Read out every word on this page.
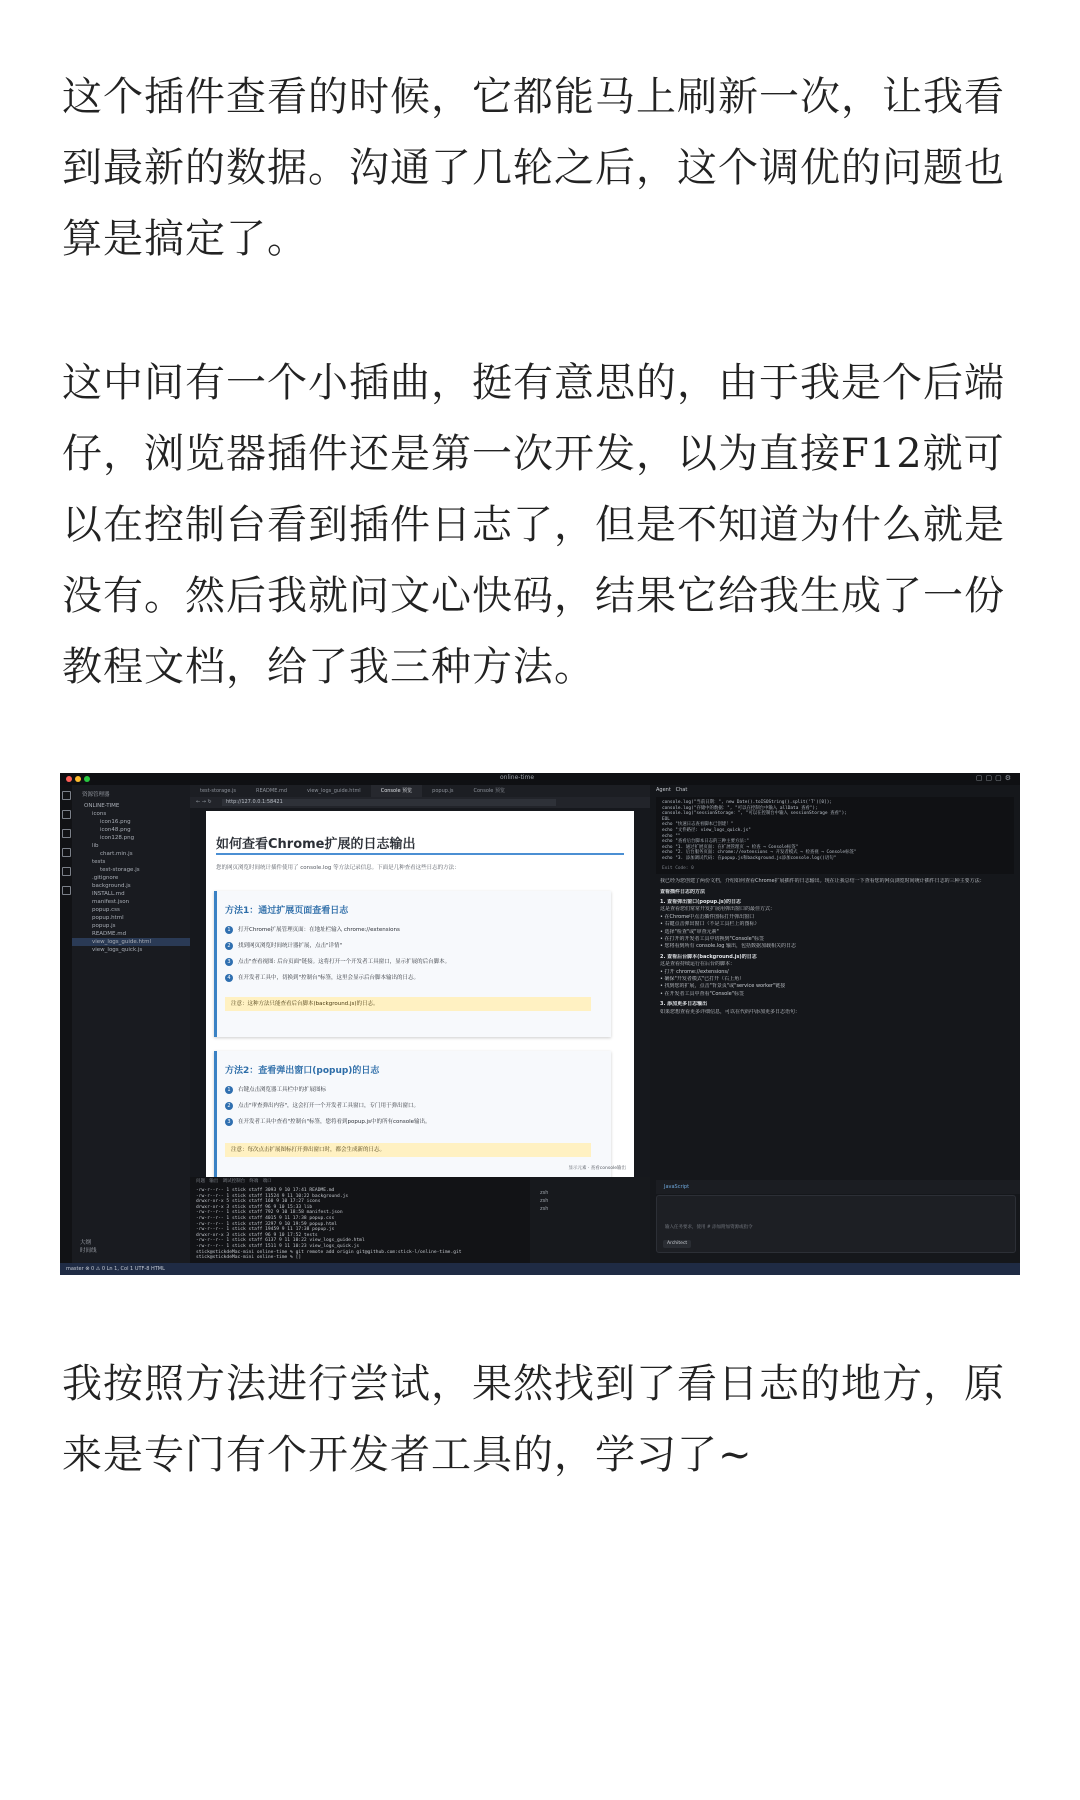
这个插件查看的时候，它都能马上刷新一次，让我看
到最新的数据。沟通了几轮之后，这个调优的问题也
算是搞定了。
这中间有一个小插曲，挺有意思的，由于我是个后端
仔，浏览器插件还是第一次开发，以为直接F12就可
以在控制台看到插件日志了，但是不知道为什么就是
没有。然后我就问文心快码，结果它给我生成了一份
教程文档，给了我三种方法。
online-time	▢▢▢⚙
资源管理器
ONLINE-TIME
icons
icon16.png
icon48.png
icon128.png
lib
chart.min.js
tests
test-storage.js
.gitignore
background.js
INSTALL.md
manifest.json
popup.css
popup.html
popup.js
README.md
view_logs_guide.html
view_logs_quick.js
大纲
时间线
test-storage.js	README.md	view_logs_guide.html	Console 预览	popup.js	Console 预览
← → ↻	http://127.0.0.1:58421
如何查看Chrome扩展的日志输出
您的网页浏览时间统计插件使用了 console.log 等方法记录信息。下面是几种查看这些日志的方法：
方法1：通过扩展页面查看日志
1 打开Chrome扩展管理页面：在地址栏输入 chrome://extensions
2 找到网页浏览时间统计器扩展，点击"详情"
3 点击"查看视图: 后台页面"链接。这将打开一个开发者工具窗口，显示扩展的后台脚本。
4 在开发者工具中，切换到"控制台"标签，这里会显示后台脚本输出的日志。
注意：这种方法只能查看后台脚本(background.js)的日志。
方法2：查看弹出窗口(popup)的日志
1 右键点击浏览器工具栏中的扩展图标
2 点击"审查弹出内容"，这会打开一个开发者工具窗口，专门用于弹出窗口。
3 在开发者工具中查看"控制台"标签，您将看到popup.js中的所有console输出。
注意：每次点击扩展图标打开弹出窗口时，都会生成新的日志。
显示元素 · 查看console输出
问题 输出 调试控制台 终端 端口
-rw-r--r-- 1 stick staff 3093 9 10 17:41 README.md
-rw-r--r-- 1 stick staff 11524 9 11 10:22 background.js
drwxr-xr-x 5 stick staff 160 9 10 17:27 icons
drwxr-xr-x 3 stick staff 96 9 10 15:33 lib
-rw-r--r-- 1 stick staff 792 9 10 18:58 manifest.json
-rw-r--r-- 1 stick staff 4015 9 11 17:38 popup.css
-rw-r--r-- 1 stick staff 3297 9 10 19:59 popup.html
-rw-r--r-- 1 stick staff 19459 9 11 17:38 popup.js
drwxr-xr-x 3 stick staff 96 9 10 17:52 tests
-rw-r--r-- 1 stick staff 6137 9 11 10:22 view_logs_guide.html
-rw-r--r-- 1 stick staff 1511 9 11 10:23 view_logs_quick.js
stick@stickdeMac-mini online-time % git remote add origin git@github.com:stick-l/online-time.git
stick@stickdeMac-mini online-time % []
zsh
zsh
zsh
Agent Chat
console.log("当前日期：", new Date().toISOString().split('T')[0]);
console.log("存储中的数据：", "可以在控制台中输入 allData 查看");
console.log("sessionStorage：", "可以在控制台中输入 sessionStorage 查看");
EOL
echo "快速日志查看脚本已创建！"
echo "文件路径: view_logs_quick.js"
echo ""
echo "查看后台脚本日志的三种主要方法:"
echo "1. 通过扩展页面: 在扩展管理页 → 检查 → Console标签"
echo "2. 后台服务页面: chrome://extensions → 开发者模式 → 检查视 → Console标签"
echo "3. 添加调试代码: 在popup.js和background.js添加console.log()语句"
Exit Code: 0
我已经为您创建了两份文档，介绍如何查看Chrome扩展插件的日志输出。现在让我总结一下查看您的网页浏览时间统计插件日志的三种主要方法：
查看插件日志的方法
1. 查看弹出窗口(popup.js)的日志
这是查看您们常常开发扩展用弹出窗口的最佳方式：
• 在Chrome中点击插件图标打开弹出窗口
• 右键点击弹出窗口（不是工具栏上的图标）
• 选择"检查"或"审查元素"
• 在打开的开发者工具中切换到"Console"标签
• 您将看到所有 console.log 输出，包括数据加载相关的日志
2. 查看后台脚本(background.js)的日志
这是查看持续运行在后台的脚本：
• 打开 chrome://extensions/
• 确保"开发者模式"已打开（右上角）
• 找到您的扩展，点击"背景页"或"service worker"链接
• 在开发者工具中查看"Console"标签
3. 添加更多日志输出
如果您想查看更多详细信息，可以在代码中添加更多日志语句：
JavaScript
输入任务要求，使用 # 添加附加资源或指令
Architect
master ⊗ 0 ⚠ 0 Ln 1, Col 1 UTF-8 HTML
我按照方法进行尝试，果然找到了看日志的地方，原
来是专门有个开发者工具的，学习了~
